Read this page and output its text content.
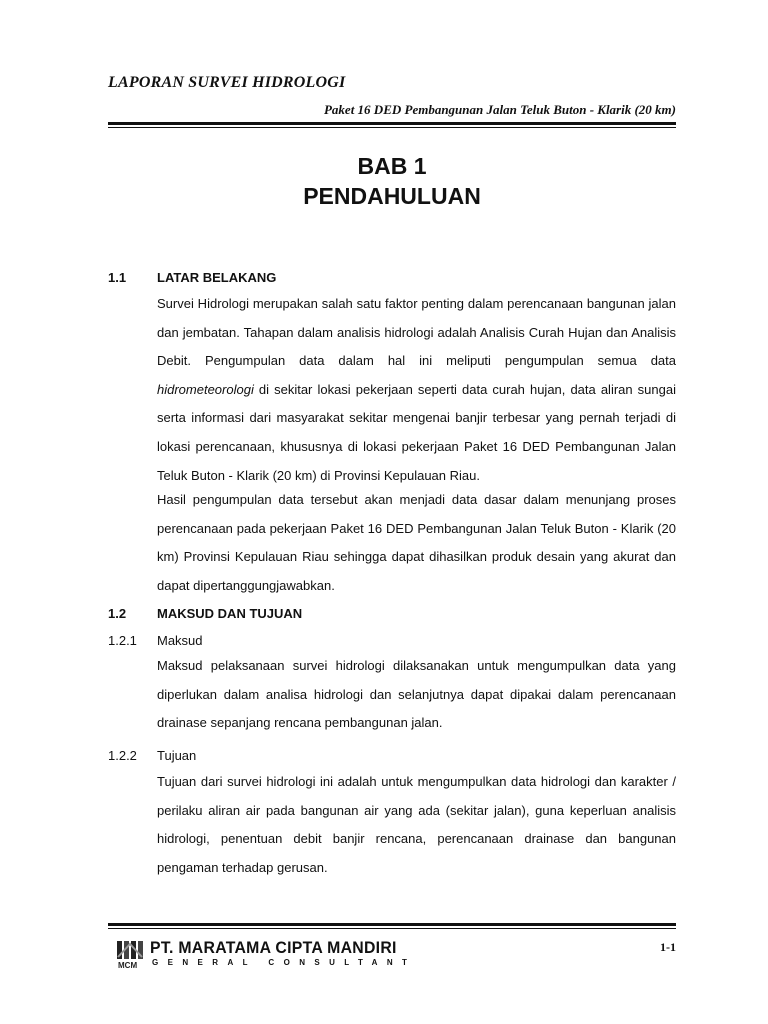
LAPORAN SURVEI HIDROLOGI
Paket 16 DED Pembangunan Jalan Teluk Buton - Klarik (20 km)
BAB 1
PENDAHULUAN
1.1 LATAR BELAKANG

Survei Hidrologi merupakan salah satu faktor penting dalam perencanaan bangunan jalan dan jembatan. Tahapan dalam analisis hidrologi adalah Analisis Curah Hujan dan Analisis Debit. Pengumpulan data dalam hal ini meliputi pengumpulan semua data hidrometeorologi di sekitar lokasi pekerjaan seperti data curah hujan, data aliran sungai serta informasi dari masyarakat sekitar mengenai banjir terbesar yang pernah terjadi di lokasi perencanaan, khususnya di lokasi pekerjaan Paket 16 DED Pembangunan Jalan Teluk Buton - Klarik (20 km) di Provinsi Kepulauan Riau.

Hasil pengumpulan data tersebut akan menjadi data dasar dalam menunjang proses perencanaan pada pekerjaan Paket 16 DED Pembangunan Jalan Teluk Buton - Klarik (20 km) Provinsi Kepulauan Riau sehingga dapat dihasilkan produk desain yang akurat dan dapat dipertanggungjawabkan.

1.2 MAKSUD DAN TUJUAN
1.2.1 Maksud

Maksud pelaksanaan survei hidrologi dilaksanakan untuk mengumpulkan data yang diperlukan dalam analisa hidrologi dan selanjutnya dapat dipakai dalam perencanaan drainase sepanjang rencana pembangunan jalan.

1.2.2 Tujuan

Tujuan dari survei hidrologi ini adalah untuk mengumpulkan data hidrologi dan karakter / perilaku aliran air pada bangunan air yang ada (sekitar jalan), guna keperluan analisis hidrologi, penentuan debit banjir rencana, perencanaan drainase dan bangunan pengaman terhadap gerusan.

1-1
MCM
PT. MARATAMA CIPTA MANDIRI
GENERAL CONSULTANT
